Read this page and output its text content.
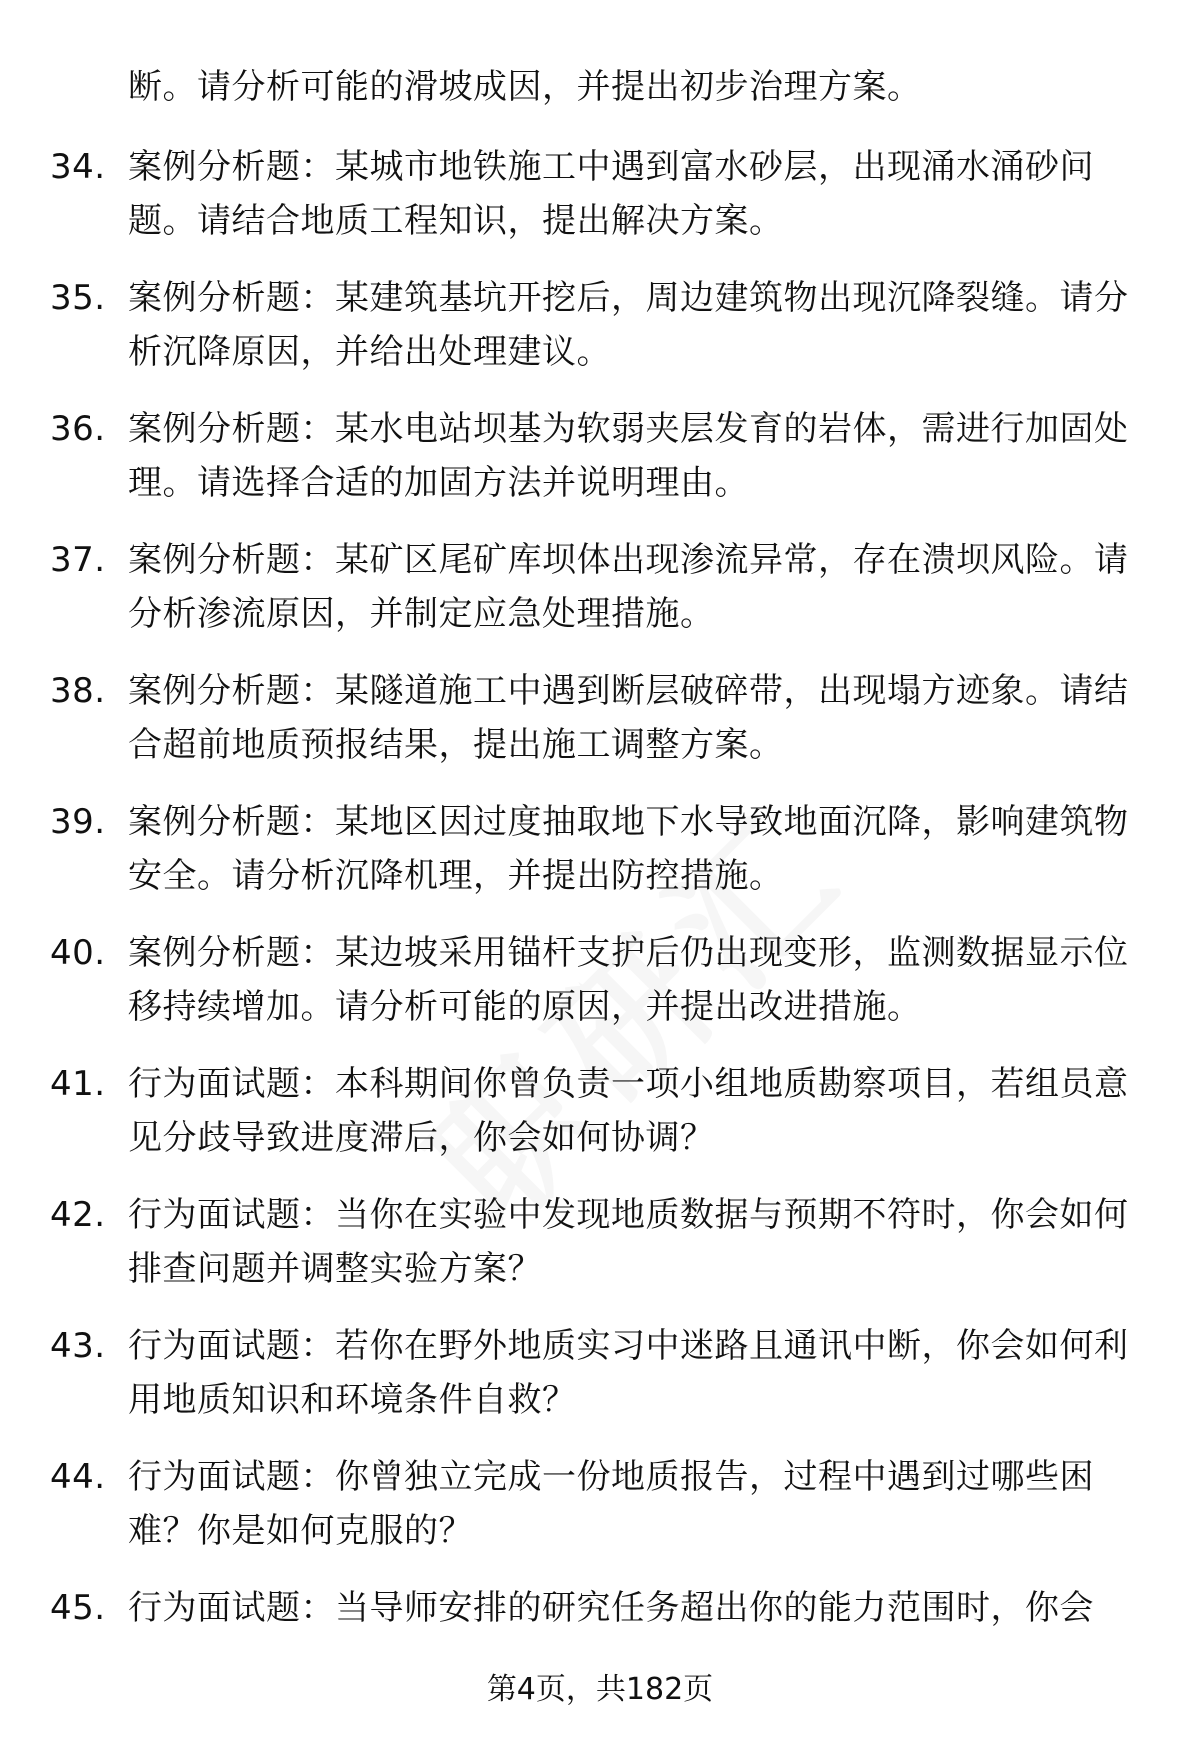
断。请分析可能的滑坡成因，并提出初步治理方案。
34. 案例分析题：某城市地铁施工中遇到富水砂层，出现涌水涌砂问题。请结合地质工程知识，提出解决方案。
35. 案例分析题：某建筑基坑开挖后，周边建筑物出现沉降裂缝。请分析沉降原因，并给出处理建议。
36. 案例分析题：某水电站坝基为软弱夹层发育的岩体，需进行加固处理。请选择合适的加固方法并说明理由。
37. 案例分析题：某矿区尾矿库坝体出现渗流异常，存在溃坝风险。请分析渗流原因，并制定应急处理措施。
38. 案例分析题：某隧道施工中遇到断层破碎带，出现塌方迹象。请结合超前地质预报结果，提出施工调整方案。
39. 案例分析题：某地区因过度抽取地下水导致地面沉降，影响建筑物安全。请分析沉降机理，并提出防控措施。
40. 案例分析题：某边坡采用锚杆支护后仍出现变形，监测数据显示位移持续增加。请分析可能的原因，并提出改进措施。
41. 行为面试题：本科期间你曾负责一项小组地质勘察项目，若组员意见分歧导致进度滞后，你会如何协调？
42. 行为面试题：当你在实验中发现地质数据与预期不符时，你会如何排查问题并调整实验方案？
43. 行为面试题：若你在野外地质实习中迷路且通讯中断，你会如何利用地质知识和环境条件自救？
44. 行为面试题：你曾独立完成一份地质报告，过程中遇到过哪些困难？你是如何克服的？
45. 行为面试题：当导师安排的研究任务超出你的能力范围时，你会
第4页，共182页
